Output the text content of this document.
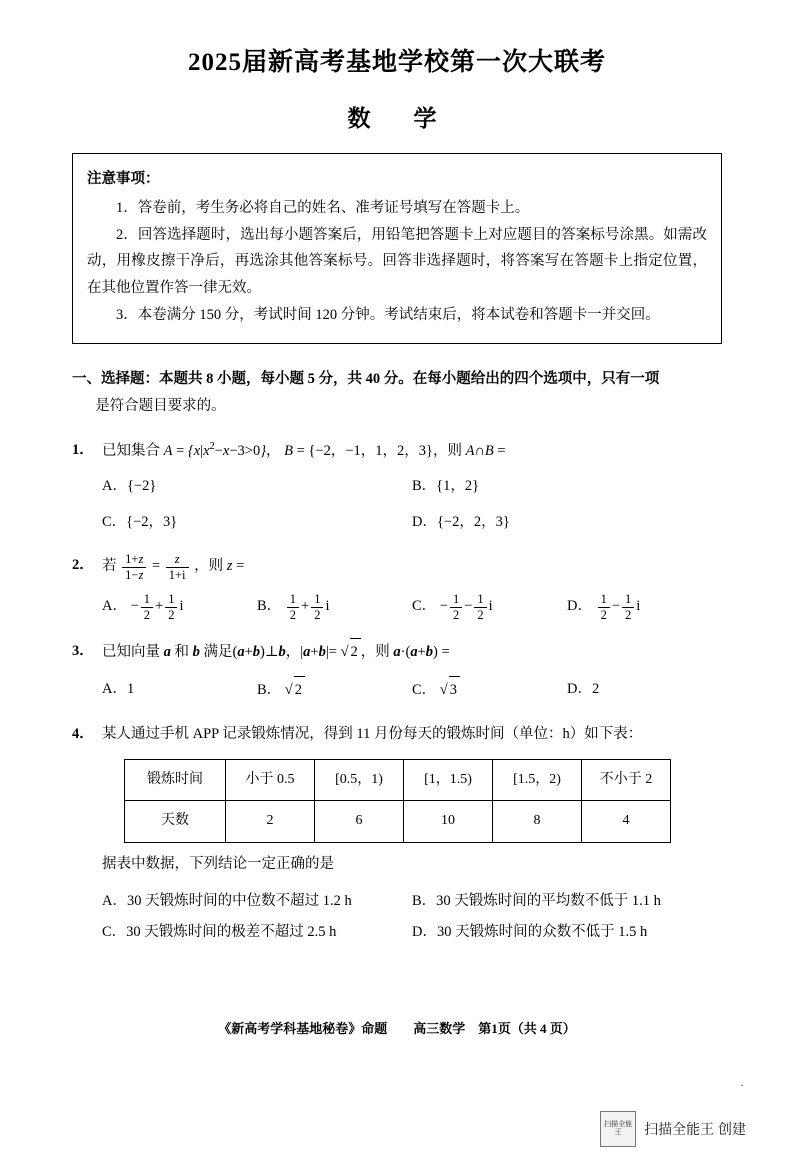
2025届新高考基地学校第一次大联考
数　学
注意事项：
1．答卷前，考生务必将自己的姓名、准考证号填写在答题卡上。
2．回答选择题时，选出每小题答案后，用铅笔把答题卡上对应题目的答案标号涂黑。如需改动，用橡皮擦干净后，再选涂其他答案标号。回答非选择题时，将答案写在答题卡上指定位置，在其他位置作答一律无效。
3．本卷满分 150 分，考试时间 120 分钟。考试结束后，将本试卷和答题卡一并交回。
一、选择题：本题共 8 小题，每小题 5 分，共 40 分。在每小题给出的四个选项中，只有一项
是符合题目要求的。
1． 已知集合 $A = \{x|x^2-x-3>0\}$， B = {−2，−1，1，2，3}，则 A∩B =
A．{−2}	B．{1，2}
C．{−2，3}	D．{−2，2，3}
2． 若 $\frac{1+z}{1-z} = \frac{z}{1+i}$ ，则 z =
A． − $\frac{1}{2} + \frac{1}{2}$ i	B． $\frac{1}{2} + \frac{1}{2}$ i	C． − $\frac{1}{2} - \frac{1}{2}$ i	D． $\frac{1}{2} - \frac{1}{2}$ i
3． 已知向量 a 和 b 满足(a+b)⊥b，|a+b|= √ 2 ，则 a·(a+b) =
A．1	B． √ 2	C． √ 3	D．2
4． 某人通过手机 APP 记录锻炼情况，得到 11 月份每天的锻炼时间（单位：h）如下表：
锻炼时间	小于 0.5	[0.5，1)	[1，1.5)	[1.5，2)	不小于 2
天数	2	6	10	8	4
据表中数据，下列结论一定正确的是
A．30 天锻炼时间的中位数不超过 1.2 h	B．30 天锻炼时间的平均数不低于 1.1 h
C．30 天锻炼时间的极差不超过 2.5 h	D．30 天锻炼时间的众数不低于 1.5 h
《新高考学科基地秘卷》命题　　高三数学　第1页（共 4 页）
·
扫描全能王	扫描全能王 创建
